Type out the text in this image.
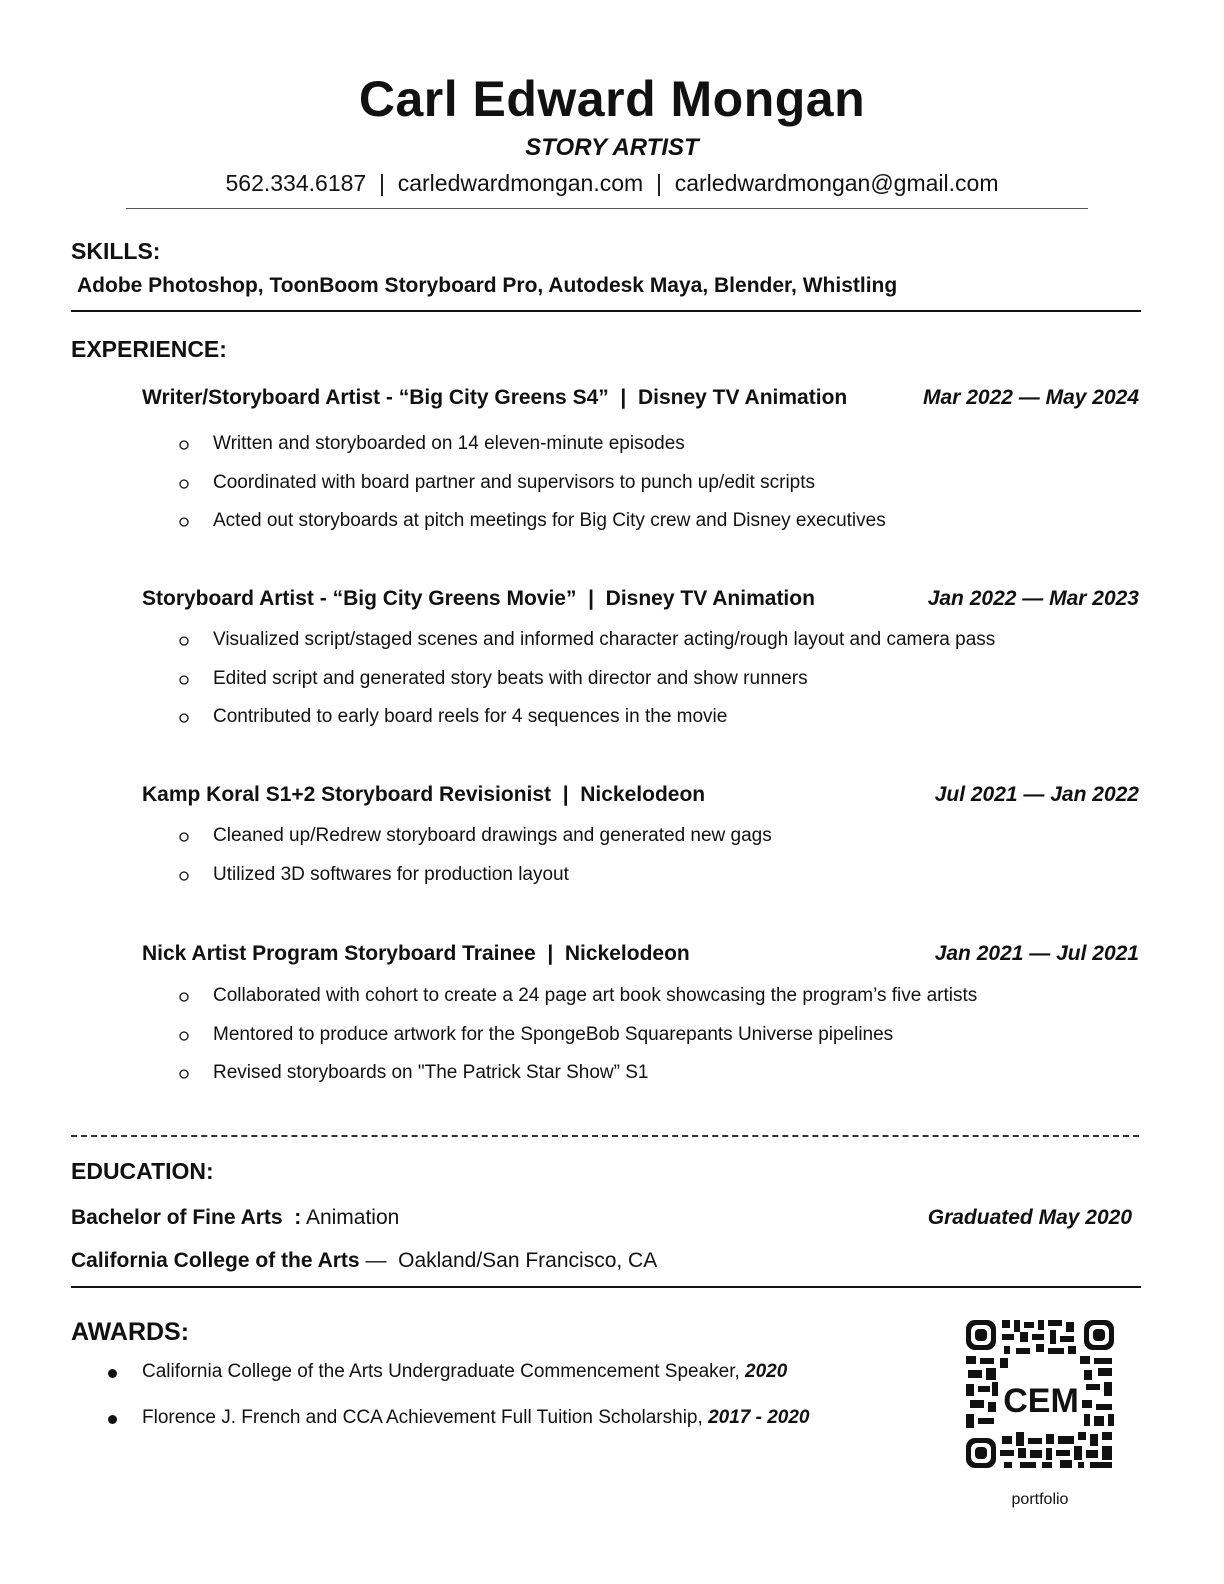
Carl Edward Mongan
STORY ARTIST
562.334.6187  |  carledwardmongan.com  |  carledwardmongan@gmail.com
SKILLS:
Adobe Photoshop, ToonBoom Storyboard Pro, Autodesk Maya, Blender, Whistling
EXPERIENCE:
Writer/Storyboard Artist - “Big City Greens S4”  |  Disney TV Animation	Mar 2022 — May 2024
Written and storyboarded on 14 eleven-minute episodes
Coordinated with board partner and supervisors to punch up/edit scripts
Acted out storyboards at pitch meetings for Big City crew and Disney executives
Storyboard Artist - “Big City Greens Movie”  |  Disney TV Animation	Jan 2022 — Mar 2023
Visualized script/staged scenes and informed character acting/rough layout and camera pass
Edited script and generated story beats with director and show runners
Contributed to early board reels for 4 sequences in the movie
Kamp Koral S1+2 Storyboard Revisionist  |  Nickelodeon	Jul 2021 — Jan 2022
Cleaned up/Redrew storyboard drawings and generated new gags
Utilized 3D softwares for production layout
Nick Artist Program Storyboard Trainee  |  Nickelodeon	Jan 2021 — Jul 2021
Collaborated with cohort to create a 24 page art book showcasing the program’s five artists
Mentored to produce artwork for the SpongeBob Squarepants Universe pipelines
Revised storyboards on "The Patrick Star Show” S1
EDUCATION:
Bachelor of Fine Arts  : Animation	Graduated May 2020
California College of the Arts —  Oakland/San Francisco, CA
AWARDS:
California College of the Arts Undergraduate Commencement Speaker, 2020
Florence J. French and CCA Achievement Full Tuition Scholarship, 2017 - 2020	CEM
portfolio
